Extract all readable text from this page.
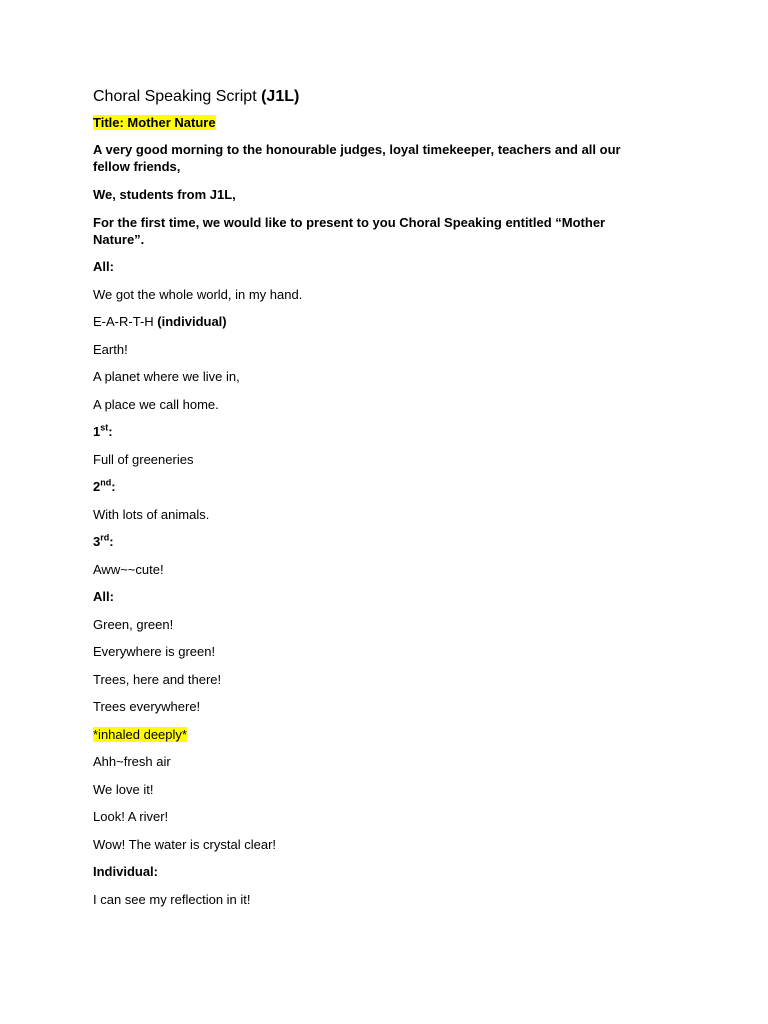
Choral Speaking Script (J1L)

Title: Mother Nature

A very good morning to the honourable judges, loyal timekeeper, teachers and all our

fellow friends,

We, students from J1L,

For the first time, we would like to present to you Choral Speaking entitled “Mother

Nature”.

All:

We got the whole world, in my hand.

E-A-R-T-H (individual)

Earth!

A planet where we live in,

A place we call home.

1st:

Full of greeneries

2nd:

With lots of animals.

3rd:

Aww~~cute!

All:

Green, green!

Everywhere is green!

Trees, here and there!

Trees everywhere!

*inhaled deeply*

Ahh~fresh air

We love it!

Look! A river!

Wow! The water is crystal clear!

Individual:

I can see my reflection in it!
